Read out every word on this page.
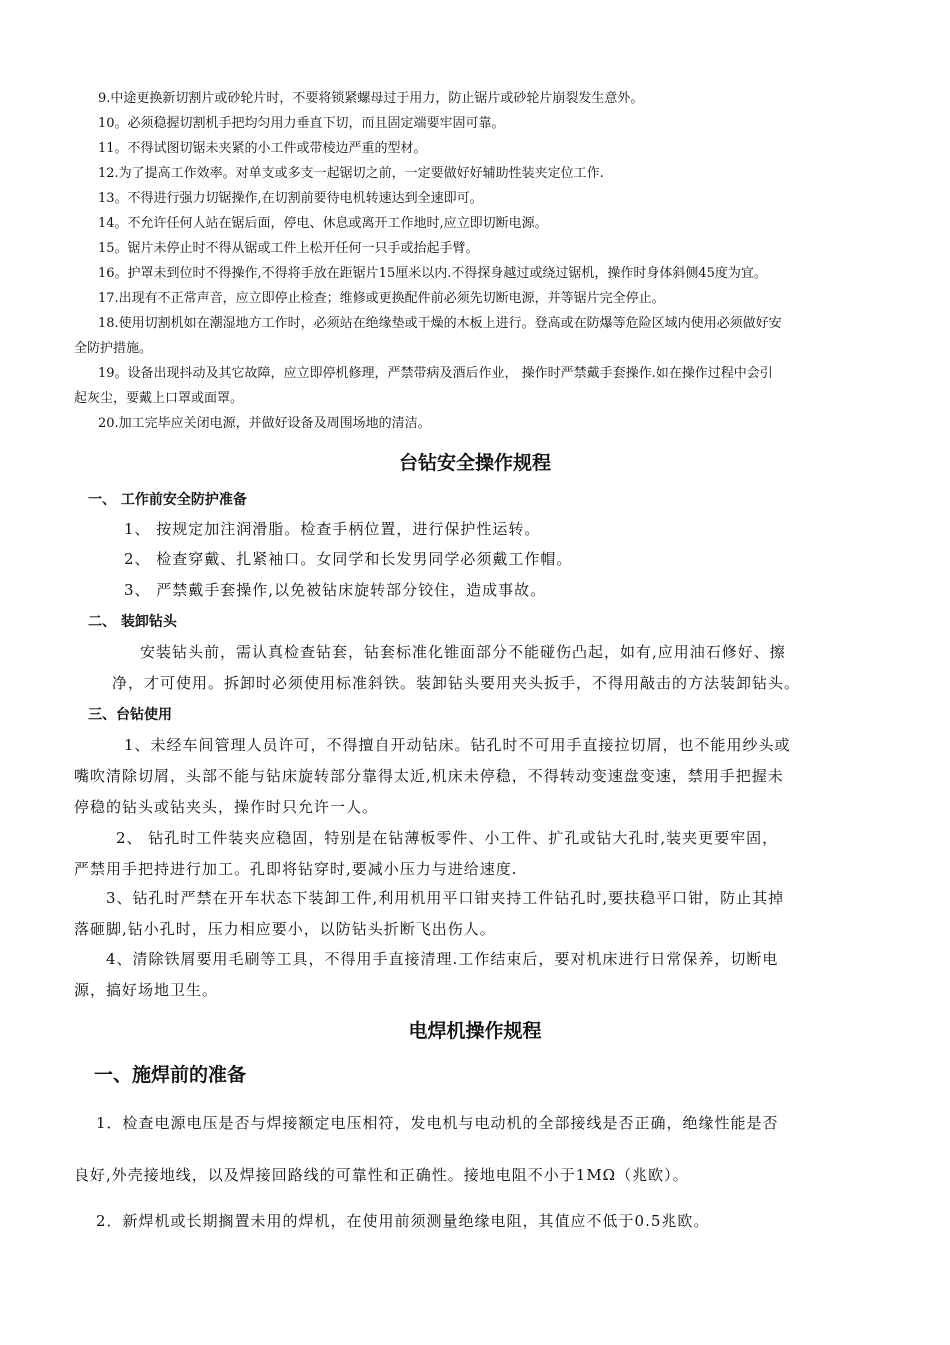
9.中途更换新切割片或砂轮片时，不要将锁紧螺母过于用力，防止锯片或砂轮片崩裂发生意外。

10。必须稳握切割机手把均匀用力垂直下切，而且固定端要牢固可靠。

11。不得试图切锯未夹紧的小工件或带棱边严重的型材。

12.为了提高工作效率。对单支或多支一起锯切之前，一定要做好好辅助性装夹定位工作.

13。不得进行强力切锯操作,在切割前要待电机转速达到全速即可。

14。不允许任何人站在锯后面，停电、休息或离开工作地时,应立即切断电源。

15。锯片未停止时不得从锯或工件上松开任何一只手或抬起手臂。

16。护罩未到位时不得操作,不得将手放在距锯片15厘米以内.不得探身越过或绕过锯机，操作时身体斜侧45度为宜。

17.出现有不正常声音，应立即停止检查；维修或更换配件前必须先切断电源，并等锯片完全停止。

18.使用切割机如在潮湿地方工作时，必须站在绝缘垫或干燥的木板上进行。登高或在防爆等危险区域内使用必须做好安

全防护措施。

19。设备出现抖动及其它故障，应立即停机修理，严禁带病及酒后作业， 操作时严禁戴手套操作.如在操作过程中会引

起灰尘，要戴上口罩或面罩。

20.加工完毕应关闭电源，并做好设备及周围场地的清洁。

台钻安全操作规程
一、 工作前安全防护准备

1、 按规定加注润滑脂。检查手柄位置，进行保护性运转。

2、 检查穿戴、扎紧袖口。女同学和长发男同学必须戴工作帽。

3、 严禁戴手套操作,以免被钻床旋转部分铰住，造成事故。

二、 装卸钻头

安装钻头前，需认真检查钻套，钻套标准化锥面部分不能碰伤凸起，如有,应用油石修好、擦

净，才可使用。拆卸时必须使用标准斜铁。装卸钻头要用夹头扳手，不得用敲击的方法装卸钻头。

三、台钻使用

1、未经车间管理人员许可，不得擅自开动钻床。钻孔时不可用手直接拉切屑，也不能用纱头或

嘴吹清除切屑，头部不能与钻床旋转部分靠得太近,机床未停稳，不得转动变速盘变速，禁用手把握未

停稳的钻头或钻夹头，操作时只允许一人。

2、 钻孔时工件装夹应稳固，特别是在钻薄板零件、小工件、扩孔或钻大孔时,装夹更要牢固，

严禁用手把持进行加工。孔即将钻穿时,要减小压力与进给速度.

3、钻孔时严禁在开车状态下装卸工件,利用机用平口钳夹持工件钻孔时,要扶稳平口钳，防止其掉

落砸脚,钻小孔时，压力相应要小，以防钻头折断飞出伤人。

4、清除铁屑要用毛刷等工具，不得用手直接清理.工作结束后，要对机床进行日常保养，切断电

源，搞好场地卫生。

电焊机操作规程
一、施焊前的准备

1．检查电源电压是否与焊接额定电压相符，发电机与电动机的全部接线是否正确，绝缘性能是否

良好,外壳接地线，以及焊接回路线的可靠性和正确性。接地电阻不小于1MΩ（兆欧）。

2．新焊机或长期搁置未用的焊机，在使用前须测量绝缘电阻，其值应不低于0.5兆欧。
